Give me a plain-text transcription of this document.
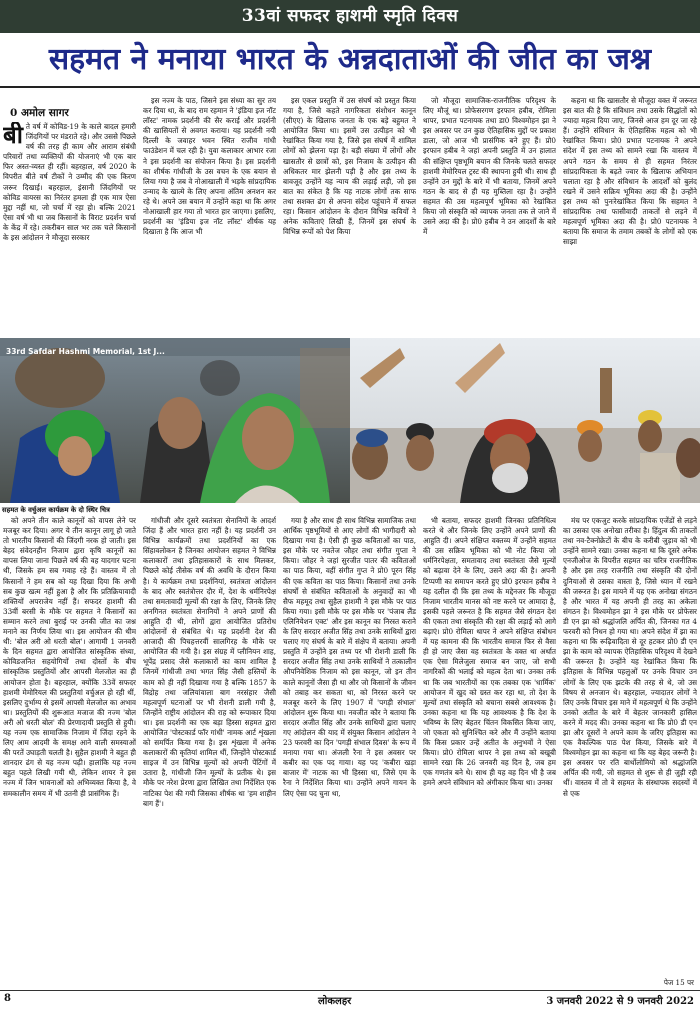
33वां सफदर हाशमी स्मृति दिवस
सहमत ने मनाया भारत के अन्नदाताओं की जीत का जश्न
0 अमोल सागर
बी ते वर्ष में कोविड-19 के काले बादल हमारी जिंदगियों पर मंडराते रहे। और उससे पिछले वर्ष की तरह ही काम और आराम संबंधी परिवारों तथा व्यक्तियों की योजनाएं भी एक बार फिर अस्त-व्यस्त ही रहीं। बहरहाल, वर्ष 2020 के विपरीत बीते वर्ष टीकों ने उम्मीद की एक किरण जरूर दिखाई। बहरहाल, इंसानी जिंदगियों पर कोविड वायरस का निरंतर हमला ही एक मात्र ऐसा मुद्दा नहीं था, जो चर्चा में रहा हो। बल्कि 2021 ऐसा वर्ष भी था जब किसानों के विराट प्रदर्शन चर्चा के केंद्र में रहे। तकरीबन साल भर तक चले किसानों के इस आंदोलन ने मौजूदा सरकार

इस नज्म के पाठ, जिसने इस संध्या का सुर तय कर दिया था, के बाद राम रहमान ने 'इंडिया इज नॉट लॉस्ट' नामक प्रदर्शनी की सैर कराई और प्रदर्शनी की खासियतों से अवगत कराया। यह प्रदर्शनी नयी दिल्ली के जवाहर भवन स्थित राजीव गांधी फाउंडेशन में चल रही है। युवा कलाकार आभार रजा ने इस प्रदर्शनी का संयोजन किया है। इस प्रदर्शनी का शीर्षक गांधीजी के उस वचन के एक बयान से लिया गया है जब वे नोआखाली में भड़के सांप्रदायिक उन्माद के खात्मे के लिए अपना अंतिम अनशन कर रहे थे। अपने उस बयान में उन्होंने कहा था कि अगर नोआखाली हार गया तो भारत हार जाएगा। इसलिए, प्रदर्शनी का 'इंडिया इज नॉट लॉस्ट' शीर्षक यह दिखाता है कि आज भी

इस एकल प्रस्तुति में उस संघर्ष को प्रस्तुत किया गया है, जिसे कहते नागरिकता संशोधन कानून (सीएए) के खिलाफ जनता के एक बड़े बहुमत ने आयोजित किया था। इसमें उस उत्पीड़न को भी रेखांकित किया गया है, जिसे इस संघर्ष में शामिल लोगों को झेलना पड़ा है। बड़ी संख्या में लोगों और खासतौर से छात्रों को, इस निजाम के उत्पीड़न की अधिकतर मार झेलनी पड़ी है और इस तथ्य के बावजूद उन्होंने यह न्याय की लड़ाई लड़ी, जो इस बात का संकेत है कि यह नाटक लोगों तक साफ तथा सशक्त ढंग से अपना संदेश पहुंचाने में सफल रहा। किसान आंदोलन के दौरान विभिन्न कवियों ने अनेक कविताएं लिखी हैं, जिनमें इस संघर्ष के विभिन्न रूपों को पेश किया

जो मौजूदा सामाजिक-राजनीतिक परिदृश्य के लिए मौजूं था। प्रोफेसरगण इरफान हबीब, रोमिला थापर, प्रभात पटनायक तथा डा0 विश्वमोहन झा ने इस अवसर पर उन कुछ ऐतिहासिक मुद्दों पर प्रकाश डाला, जो आज भी प्रासंगिक बने हुए हैं। प्रो0 इरफान हबीब ने जहां अपनी प्रस्तुति में उन हालात की संक्षिप्त पृष्ठभूमि बयान की जिनके चलते सफदर हाशमी मेमोरियल ट्रस्ट की स्थापना हुयी थी। साथ ही उन्होंने उन मुद्दों के बारे में भी बताया, जिनमें अपने गठन के बाद से ही यह मुब्तिला रहा है। उन्होंने सहमत की उस महत्वपूर्ण भूमिका को रेखांकित किया जो संस्कृति को व्यापक जनता तक ले जाने में उसने अदा की है। प्रो0 हबीब ने उन आदर्शों के बारे में

कहना था कि खासतौर से मौजूदा वक्त में जरूरत इस बात की है कि संविधान तथा उसके सिद्धांतों को ज्यादा महत्व दिया जाए, जिनसे आज हम दूर जा रहे हैं। उन्होंने संविधान के ऐतिहासिक महत्व को भी रेखांकित किया। प्रो0 प्रभात पटनायक ने अपने संदेश में इस तथ्य को सामने रखा कि वास्तव में अपने गठन के समय से ही सहमत निरंतर सांप्रदायिकता के बढ़ते ज्वार के खिलाफ अभियान चलाता रहा है और संविधान के आदर्शों को बुलंद रखने में उसने सक्रिय भूमिका अदा की है। उन्होंने इस तथ्य को पुनःरेखांकित किया कि सहमत ने सांप्रदायिक तथा फासीवादी ताकतों से लड़ने में महत्वपूर्ण भूमिका अदा की है। प्रो0 पटनायक ने बताया कि समाज के तमाम तबकों के लोगों को एक साझा

33rd Safdar Hashmi Memorial, 1st J...
सहमत के वर्चुअल कार्यक्रम के दो स्थिर चित्र

को अपने तीन काले कानूनों को वापस लेने पर मजबूर कर दिया। अगर ये तीन कानून लागू हो जाते तो भारतीय किसानों की जिंदगी नरक हो जाती। इस बेहद संवेदनहीन निजाम द्वारा कृषि कानूनों का वापस लिया जाना पिछले वर्ष की वह यादगार घटना थी, जिसके हम सब गवाह रहे हैं। वास्तव में तो किसानों ने हम सब को यह दिखा दिया कि अभी सब कुछ खत्म नहीं हुआ है और कि प्रतिक्रियावादी शक्तियों अपराजेय नहीं हैं। सफदर हाशमी की 33वीं बरसी के मौके पर सहमत ने किसानों का सम्मान करने तथा बुराई पर उनकी जीत का जश्न मनाने का निर्णय लिया था। इस आयोजन की थीम थी: 'बोल अरी ओ धरती बोल'। आगामी 1 जनवरी के दिन सहमत द्वारा आयोजित सांस्कृतिक संध्या, कोविडजनित सहयोगियों तथा दोस्तों के बीच सांस्कृतिक प्रस्तुतियों और आपसी मेलजोल का ही आयोजन होता है। बहरहाल, क्योंकि 33वें सफदर हाशमी मेमोरियल की प्रस्तुतियां वर्चुअल हो रही थीं, इसलिए दुर्भाग्य से इसमें आपसी मेलजोल का अभाव था। प्रस्तुतियों की शुरूआत मजाज की नज्म 'बोल अरी ओ धरती बोल' की प्रेरणादायी प्रस्तुति से हुयी। यह नज्म एक सामाजिक निजाम में जिंदा रहने के लिए आम आदमी के समक्ष आने वाली समस्याओं की परतें उघाड़ती चलती है। सुहैल हाशमी ने बहुत ही शानदार ढंग से यह नज्म पढ़ी। हालांकि यह नज्म बहुत पहले लिखी गयी थी, लेकिन शायर ने इस नज्म में जिन भावनाओं को अभिव्यक्त किया है, वे समकालीन समय में भी उतनी ही प्रासंगिक हैं।

गांधीजी और दूसरे स्वतंत्रता सेनानियों के आदर्श जिंदा हैं और भारत हारा नहीं है। यह प्रदर्शनी उन विभिन्न कार्यक्रमों तथा प्रदर्शनियों का एक सिंहावलोकन है जिनका आयोजन सहमत ने विभिन्न कलाकारों तथा इतिहासकारों के साथ मिलकर, पिछले कोई तीसेक वर्ष की अवधि के दौरान किया है। ये कार्यक्रम तथा प्रदर्शनियां, स्वतंत्रता आंदोलन के बाद और स्वतंत्रोत्तर दौर में, देश के धर्मनिरपेक्ष तथा समतावादी मूल्यों की रक्षा के लिए, जिनके लिए अनगिनत स्वतंत्रता सेनानियों ने अपने प्राणों की आहुति दी थी, लोगों द्वारा आयोजित प्रतिरोध आंदोलनों से संबंधित थे। यह प्रदर्शनी देश की आजादी की पिचहत्तरवीं सालगिरह के मौके पर आयोजित की गयी है। इस संग्रह में प्लीनियन शाह, भूपेंद्र प्रसाद जैसे कलाकारों का काम शामिल है जिनमें गांधीजी तथा भगत सिंह जैसी हस्तियों के काम को ही नहीं दिखाया गया है बल्कि 1857 के विद्रोह तथा जलियांवाला बाग नरसंहार जैसी महत्वपूर्ण घटनाओं पर भी रोशनी डाली गयी है, जिन्होंने राष्ट्रीय आंदोलन की राह को रूपाकार दिया था। इस प्रदर्शनी का एक बड़ा हिस्सा सहमत द्वारा आयोजित 'पोस्टकार्ड फॉर गांधी' नामक आर्ट शृंखला को समर्पित किया गया है। इस शृंखला में अनेक कलाकारों की कृतियां शामिल थीं, जिन्होंने पोस्टकार्ड साइज में उन विभिन्न मूल्यों को अपनी पेंटिंगों में उतारा है, गांधीजी जिन मूल्यों के प्रतीक थे। इस मौके पर नरेश प्रेरणा द्वारा लिखित तथा निर्देशित एक नाटिका पेश की गयी जिसका शीर्षक था 'हम शाहीन बाग हैं'।

गया है और साथ ही साथ विभिन्न सामाजिक तथा आर्थिक पृष्ठभूमियों से आए लोगों की भागीदारी को दिखाया गया है। ऐसी ही कुछ कविताओं का पाठ, इस मौके पर नवतेज जौहर तथा संगीत गुप्ता ने किया। जौहर ने जहां सुरजीत पातर की कविताओं का पाठ किया, वहीं संगीत गुप्त ने प्रो0 पूरन सिंह की एक कविता का पाठ किया। किसानों तथा उनके संघर्षों से संबंधित कविताओं के अनुवादों का भी सैफ महमूद तथा सुहैल हाशमी ने इस मौके पर पाठ किया गया। इसी मौके पर इस मौके पर 'पंजाब लैंड एलिनियेशन एक्ट' और इस कानून का निरस्त कराने के लिए सरदार अजीत सिंह तथा उनके साथियों द्वारा चलाए गए संघर्ष के बारे में संक्षेप में बताया। अपनी प्रस्तुति में उन्होंने इस तथ्य पर भी रोशनी डाली कि सरदार अजीत सिंह तथा उनके साथियों ने तत्कालीन औपनिवेशिक निजाम को इस कानून, जो इन तीन काले कानूनों जैसा ही था और जो किसानों के जीवन को तबाह कर सकता था, को निरस्त करने पर मजबूर करने के लिए 1907 में 'पगड़ी संभाल' आंदोलन शुरू किया था। नवजीत कौर ने बताया कि सरदार अजीत सिंह और उनके साथियों द्वारा चलाए गए आंदोलन की याद में संयुक्त किसान आंदोलन ने 23 फरवरी का दिन 'पगड़ी संभाल दिवस' के रूप में मनाया गया था। अंजली रैना ने इस अवसर पर कबीर का एक पद गाया। यह पद 'कबीरा खड़ा बाजार में' नाटक का भी हिस्सा था, जिसे एम के रैना ने निर्देशित किया था। उन्होंने अपने गायन के लिए ऐसा पद चुना था,

भी बताया, सफदर हाशमी जिनका प्रतिनिधित्व करते थे और जिनके लिए उन्होंने अपने प्राणों की आहुति दी। अपने संक्षिप्त वक्तव्य में उन्होंने सहमत की उस सक्रिय भूमिका को भी नोट किया जो धर्मनिरपेक्षता, समतावाद तथा स्वतंत्रता जैसे मूल्यों को बढ़ावा देने के लिए, उसने अदा की है। अपनी टिप्पणी का समापन करते हुए प्रो0 इरफान हबीब ने यह दलील दी कि इस तथ्य के मद्देनजर कि मौजूदा निजाम भारतीय मानस को नष्ट करने पर आमादा है, इसकी पहले जरूरत है कि सहमत जैसे संगठन देश की एकता तथा संस्कृति की रक्षा की लड़ाई को आगे बढ़ाएं। प्रो0 रोमिला थापर ने अपने संक्षिप्त संबोधन में यह कामना की कि भारतीय समाज फिर से वैसा ही हो जाए जैसा वह स्वतंत्रता के वक्त था अर्थात एक ऐसा मिलेजुला समाज बन जाए, जो सभी नागरिकों की भलाई को महत्व देता था। उनका तर्क था कि जब भारतीयों का एक तबका एक 'धार्मिक' आयोजन में खुद को ग्रस्त कर रहा था, तो देश के मूल्यों तथा संस्कृति को बचाना सबसे आवश्यक है। उनका कहना था कि यह आवश्यक है कि देश के भविष्य के लिए बेहतर चिंतन विकसित किया जाए, जो एकता को सुनिश्चित करे और मैं उन्होंने बताया कि किस प्रकार उन्हें अतीत के अनुभवों ने ऐसा किया। प्रो0 रोमिला थापर ने इस तथ्य को बखूबी सामने रखा कि 26 जनवरी वह दिन है, जब हम एक गणतंत्र बने थे। साथ ही यह वह दिन भी है जब हमने अपने संविधान को अंगीकार किया था। उनका

मंच पर एकजुट करके सांप्रदायिक एजेंडों से लड़ने का उसका एक अनोखा तरीका है। हिंदुत्व की ताकतों तथा नव-टैक्नोक्रेटों के बीच के करीबी जुड़ाव को भी उन्होंने सामने रखा। उनका कहना था कि दूसरे अनेक एनजीओज के विपरीत सहमत का चरित्र राजनीतिक है और इस तरह राजनीति तथा संस्कृति की दोनों दुनियाओं से उसका वास्ता है, जिसे ध्यान में रखने की जरूरत है। इस मायने में यह एक अनोखा संगठन है और भारत में यह अपनी ही तरह का अकेला संगठन है। विश्वमोहन झा ने इस मौके पर प्रोफेसर डी एन झा को श्रद्धांजलि अर्पित की, जिनका गत 4 फरवरी को निधन हो गया था। अपने संदेश में झा का कहना था कि रूढ़िवादिता से दूर हटकर प्रो0 डी एन झा के काम को व्यापक ऐतिहासिक परिदृश्य में देखने की जरूरत है। उन्होंने यह रेखांकित किया कि इतिहास के विभिन्न पहलुओं पर उनके विचार उन लोगों के लिए एक झटके की तरह से थे, जो उस विषय से अनजान थे। बहरहाल, ज्यादातर लोगों ने लिए उनके विचार इस माने में महत्वपूर्ण थे कि उन्होंने उनको अतीत के बारे में बेहतर जानकारी हासिल करने में मदद की। उनका कहना था कि प्रो0 डी एन झा और दूसरों ने अपने काम के जरिए इतिहास का एक वैकल्पिक पाठ पेश किया, जिसके बारे में विश्वमोहन झा का कहना था कि यह बेहद जरूरी है। इस अवसर पर रति बार्थोलोमियो को श्रद्धांजलि अर्पित की गयी, जो सहमत से शुरू से ही जुड़ी रही थीं। वास्तव में तो वे सहमत के संस्थापक सदस्यों में से एक

पेज 15 पर
8	लोकलहर	3 जनवरी 2022 से 9 जनवरी 2022
